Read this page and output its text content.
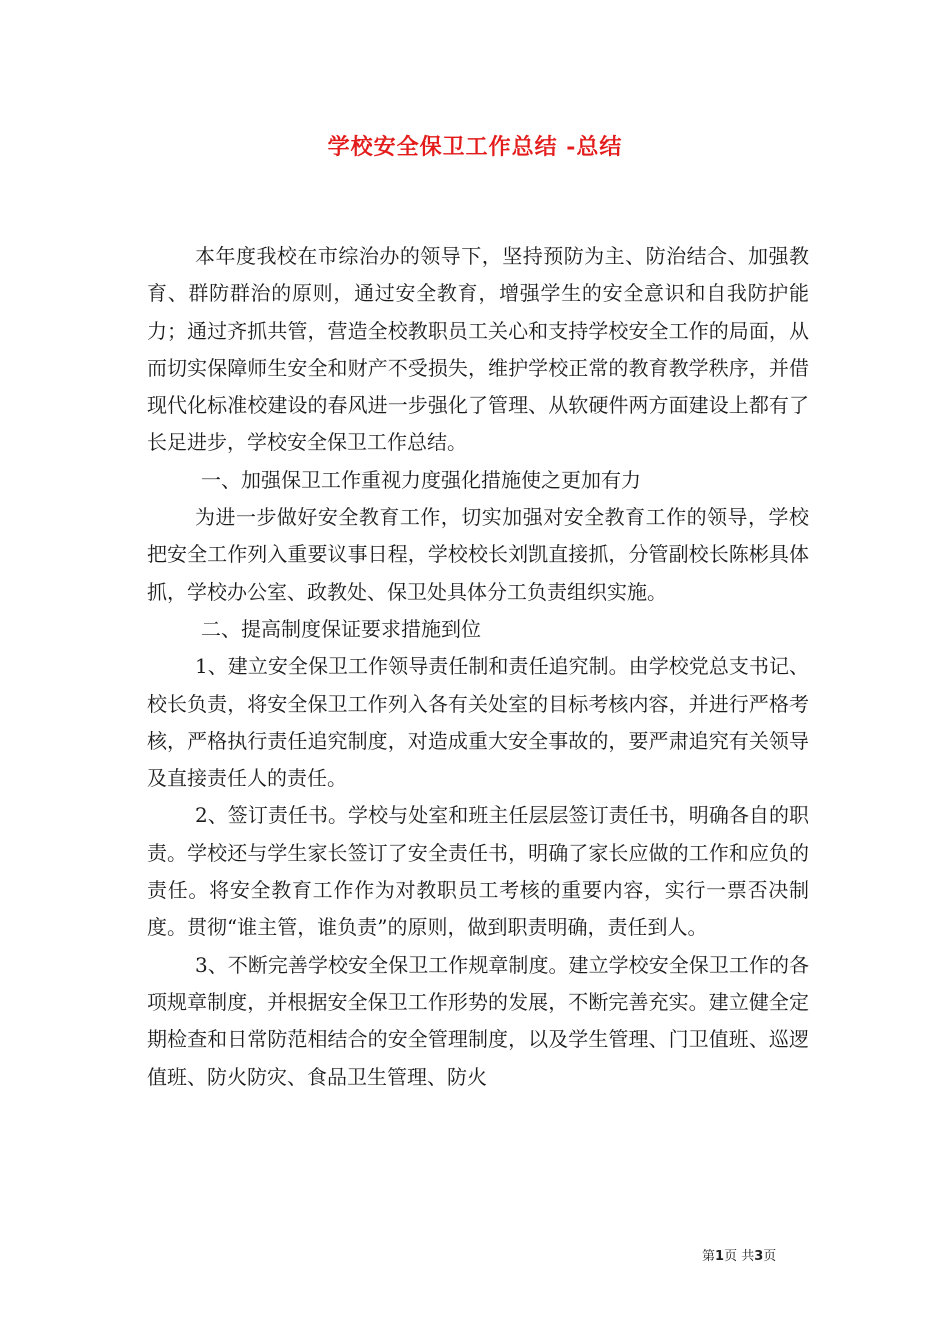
学校安全保卫工作总结 -总结

本年度我校在市综治办的领导下，坚持预防为主、防治结合、加强教育、群防群治的原则，通过安全教育，增强学生的安全意识和自我防护能力；通过齐抓共管，营造全校教职员工关心和支持学校安全工作的局面，从而切实保障师生安全和财产不受损失，维护学校正常的教育教学秩序，并借现代化标准校建设的春风进一步强化了管理、从软硬件两方面建设上都有了长足进步，学校安全保卫工作总结。

一、加强保卫工作重视力度强化措施使之更加有力

为进一步做好安全教育工作，切实加强对安全教育工作的领导，学校把安全工作列入重要议事日程，学校校长刘凯直接抓，分管副校长陈彬具体抓，学校办公室、政教处、保卫处具体分工负责组织实施。

二、提高制度保证要求措施到位

1、建立安全保卫工作领导责任制和责任追究制。由学校党总支书记、校长负责，将安全保卫工作列入各有关处室的目标考核内容，并进行严格考核，严格执行责任追究制度，对造成重大安全事故的，要严肃追究有关领导及直接责任人的责任。

2、签订责任书。学校与处室和班主任层层签订责任书，明确各自的职责。学校还与学生家长签订了安全责任书，明确了家长应做的工作和应负的责任。将安全教育工作作为对教职员工考核的重要内容，实行一票否决制度。贯彻“谁主管，谁负责”的原则，做到职责明确，责任到人。

3、不断完善学校安全保卫工作规章制度。建立学校安全保卫工作的各项规章制度，并根据安全保卫工作形势的发展，不断完善充实。建立健全定期检查和日常防范相结合的安全管理制度，以及学生管理、门卫值班、巡逻值班、防火防灾、食品卫生管理、防火

第1页 共3页
